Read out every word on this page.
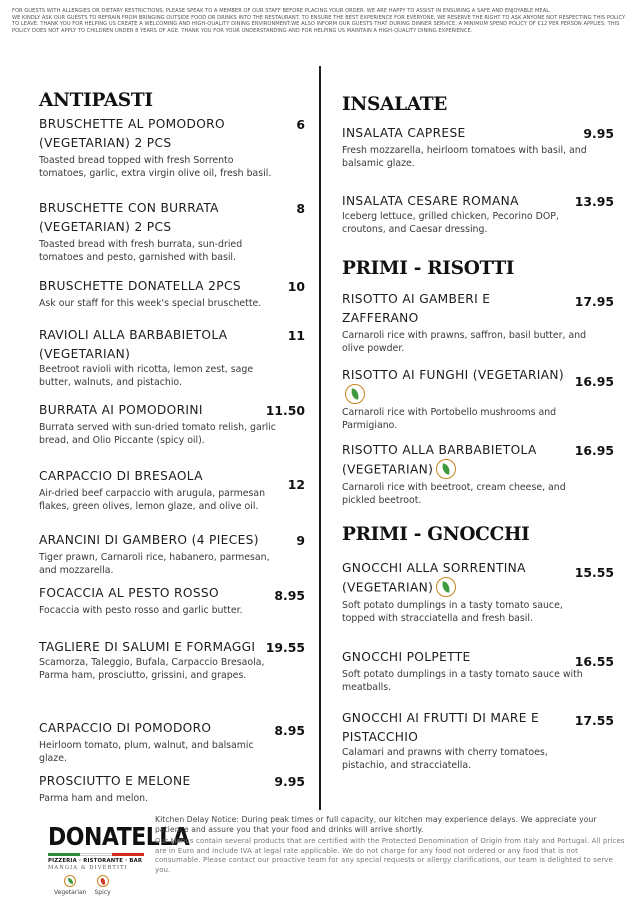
FOR GUESTS WITH ALLERGIES OR DIETARY RESTRICTIONS, PLEASE SPEAK TO A MEMBER OF OUR STAFF BEFORE PLACING YOUR ORDER. WE ARE HAPPY TO ASSIST IN ENSURING A SAFE AND ENJOYABLE MEAL.

WE KINDLY ASK OUR GUESTS TO REFRAIN FROM BRINGING OUTSIDE FOOD OR DRINKS INTO THE RESTAURANT. TO ENSURE THE BEST EXPERIENCE FOR EVERYONE, WE RESERVE THE RIGHT TO ASK ANYONE NOT RESPECTING THIS POLICY TO LEAVE. THANK YOU FOR HELPING US CREATE A WELCOMING AND HIGH-QUALITY DINING ENVIRONMENT.WE ALSO INFORM OUR GUESTS THAT DURING DINNER SERVICE, A MINIMUM SPEND POLICY OF €12 PER PERSON APPLIES. THIS POLICY DOES NOT APPLY TO CHILDREN UNDER 8 YEARS OF AGE. THANK YOU FOR YOUR UNDERSTANDING AND FOR HELPING US MAINTAIN A HIGH-QUALITY DINING EXPERIENCE.

ANTIPASTI
BRUSCHETTE AL POMODORO (VEGETARIAN) 2 PCS
6
Toasted bread topped with fresh Sorrento tomatoes, garlic, extra virgin olive oil, fresh basil.
BRUSCHETTE CON BURRATA (VEGETARIAN) 2 PCS
8
Toasted bread with fresh burrata, sun-dried tomatoes and pesto, garnished with basil.
BRUSCHETTE DONATELLA 2PCS	10
Ask our staff for this week's special bruschette.
RAVIOLI ALLA BARBABIETOLA (VEGETARIAN)
11
Beetroot ravioli with ricotta, lemon zest, sage butter, walnuts, and pistachio.
BURRATA AI POMODORINI	11.50
Burrata served with sun-dried tomato relish, garlic bread, and Olio Piccante (spicy oil).
CARPACCIO DI BRESAOLA
12
Air-dried beef carpaccio with arugula, parmesan flakes, green olives, lemon glaze, and olive oil.
ARANCINI DI GAMBERO (4 PIECES)	9
Tiger prawn, Carnaroli rice, habanero, parmesan, and mozzarella.
FOCACCIA AL PESTO ROSSO	8.95
Focaccia with pesto rosso and garlic butter.
TAGLIERE DI SALUMI E FORMAGGI 19.55
Scamorza, Taleggio, Bufala, Carpaccio Bresaola, Parma ham, prosciutto, grissini, and grapes.
CARPACCIO DI POMODORO	8.95
Heirloom tomato, plum, walnut, and balsamic glaze.
PROSCIUTTO E MELONE	9.95
Parma ham and melon.
INSALATE
INSALATA CAPRESE	9.95
Fresh mozzarella, heirloom tomatoes with basil, and balsamic glaze.
INSALATA CESARE ROMANA	13.95
Iceberg lettuce, grilled chicken, Pecorino DOP, croutons, and Caesar dressing.
PRIMI - RISOTTI
RISOTTO AI GAMBERI E ZAFFERANO
17.95
Carnaroli rice with prawns, saffron, basil butter, and olive powder.
RISOTTO AI FUNGHI (VEGETARIAN) 16.95
Carnaroli rice with Portobello mushrooms and Parmigiano.
RISOTTO ALLA BARBABIETOLA (VEGETARIAN)
16.95
Carnaroli rice with beetroot, cream cheese, and pickled beetroot.
PRIMI - GNOCCHI
GNOCCHI ALLA SORRENTINA (VEGETARIAN)
15.55
Soft potato dumplings in a tasty tomato sauce, topped with stracciatella and fresh basil.
GNOCCHI POLPETTE	16.55
Soft potato dumplings in a tasty tomato sauce with meatballs.
GNOCCHI AI FRUTTI DI MARE E PISTACCHIO
17.55
Calamari and prawns with cherry tomatoes, pistachio, and stracciatella.
DONATELLA
PIZZERIA · RISTORANTE · BAR
MANGIA & DIVERTITI
Vegetarian Spicy
Kitchen Delay Notice: During peak times or full capacity, our kitchen may experience delays. We appreciate your patience and assure you that your food and drinks will arrive shortly.
Our Menus contain several products that are certified with the Protected Denomination of Origin from Italy and Portugal. All prices are in Euro and include IVA at legal rate applicable. We do not charge for any food not ordered or any food that is not consumable. Please contact our proactive team for any special requests or allergy clarifications, our team is delighted to serve you.
